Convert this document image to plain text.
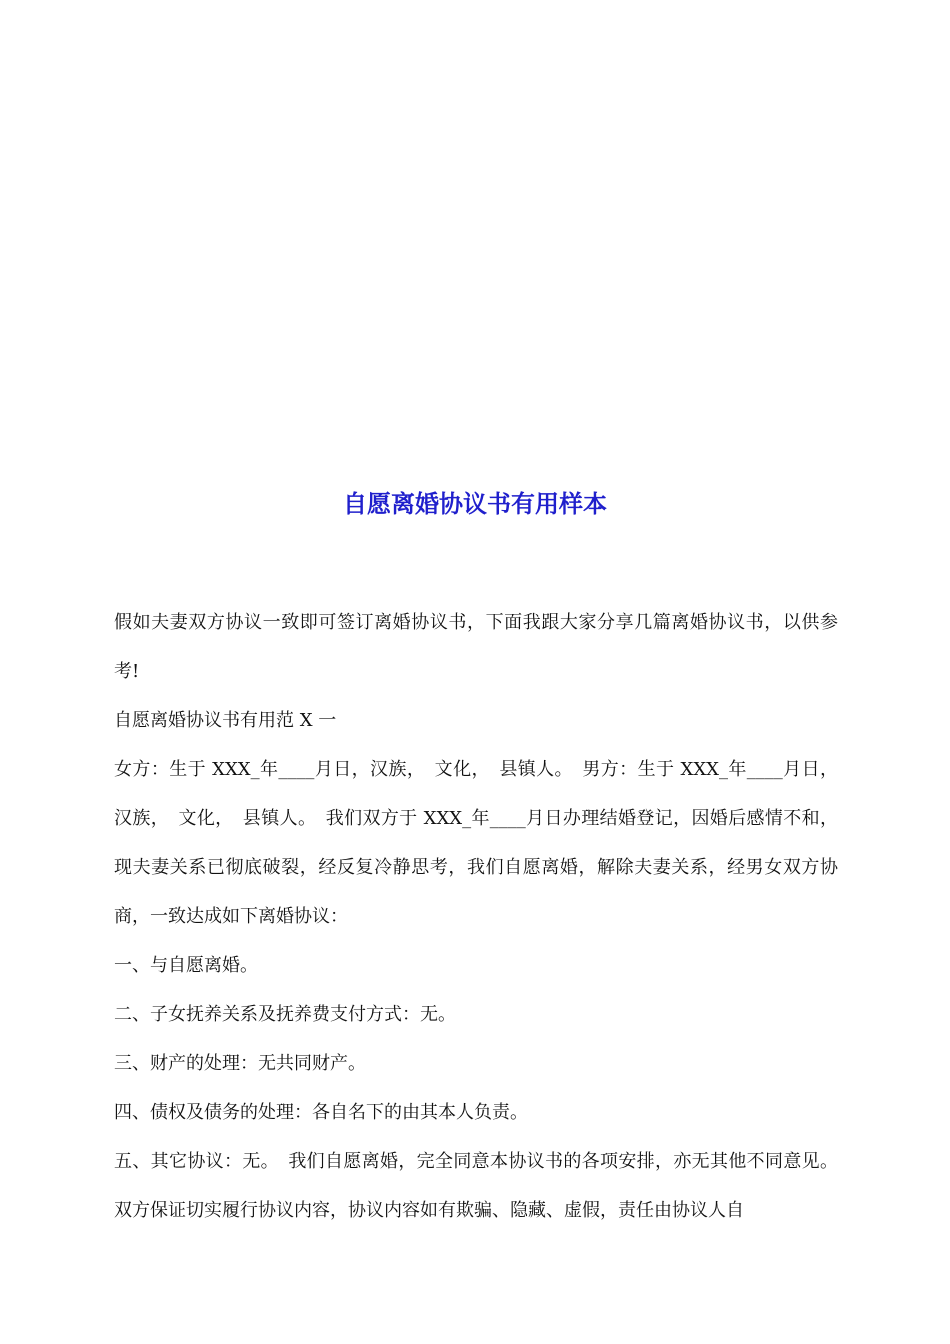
自愿离婚协议书有用样本

假如夫妻双方协议一致即可签订离婚协议书，下面我跟大家分享几篇离婚协议书，以供参考!

自愿离婚协议书有用范 X 一

女方：生于 XXX_年____月日，汉族，　文化，　县镇人。　男方：生于 XXX_年____月日，汉族，　文化，　县镇人。　我们双方于 XXX_年____月日办理结婚登记，因婚后感情不和，现夫妻关系已彻底破裂，经反复冷静思考，我们自愿离婚，解除夫妻关系，经男女双方协商，一致达成如下离婚协议：

一、与自愿离婚。

二、子女抚养关系及抚养费支付方式：无。

三、财产的处理：无共同财产。

四、债权及债务的处理：各自名下的由其本人负责。

五、其它协议：无。　我们自愿离婚，完全同意本协议书的各项安排，亦无其他不同意见。双方保证切实履行协议内容，协议内容如有欺骗、隐藏、虚假，责任由协议人自
